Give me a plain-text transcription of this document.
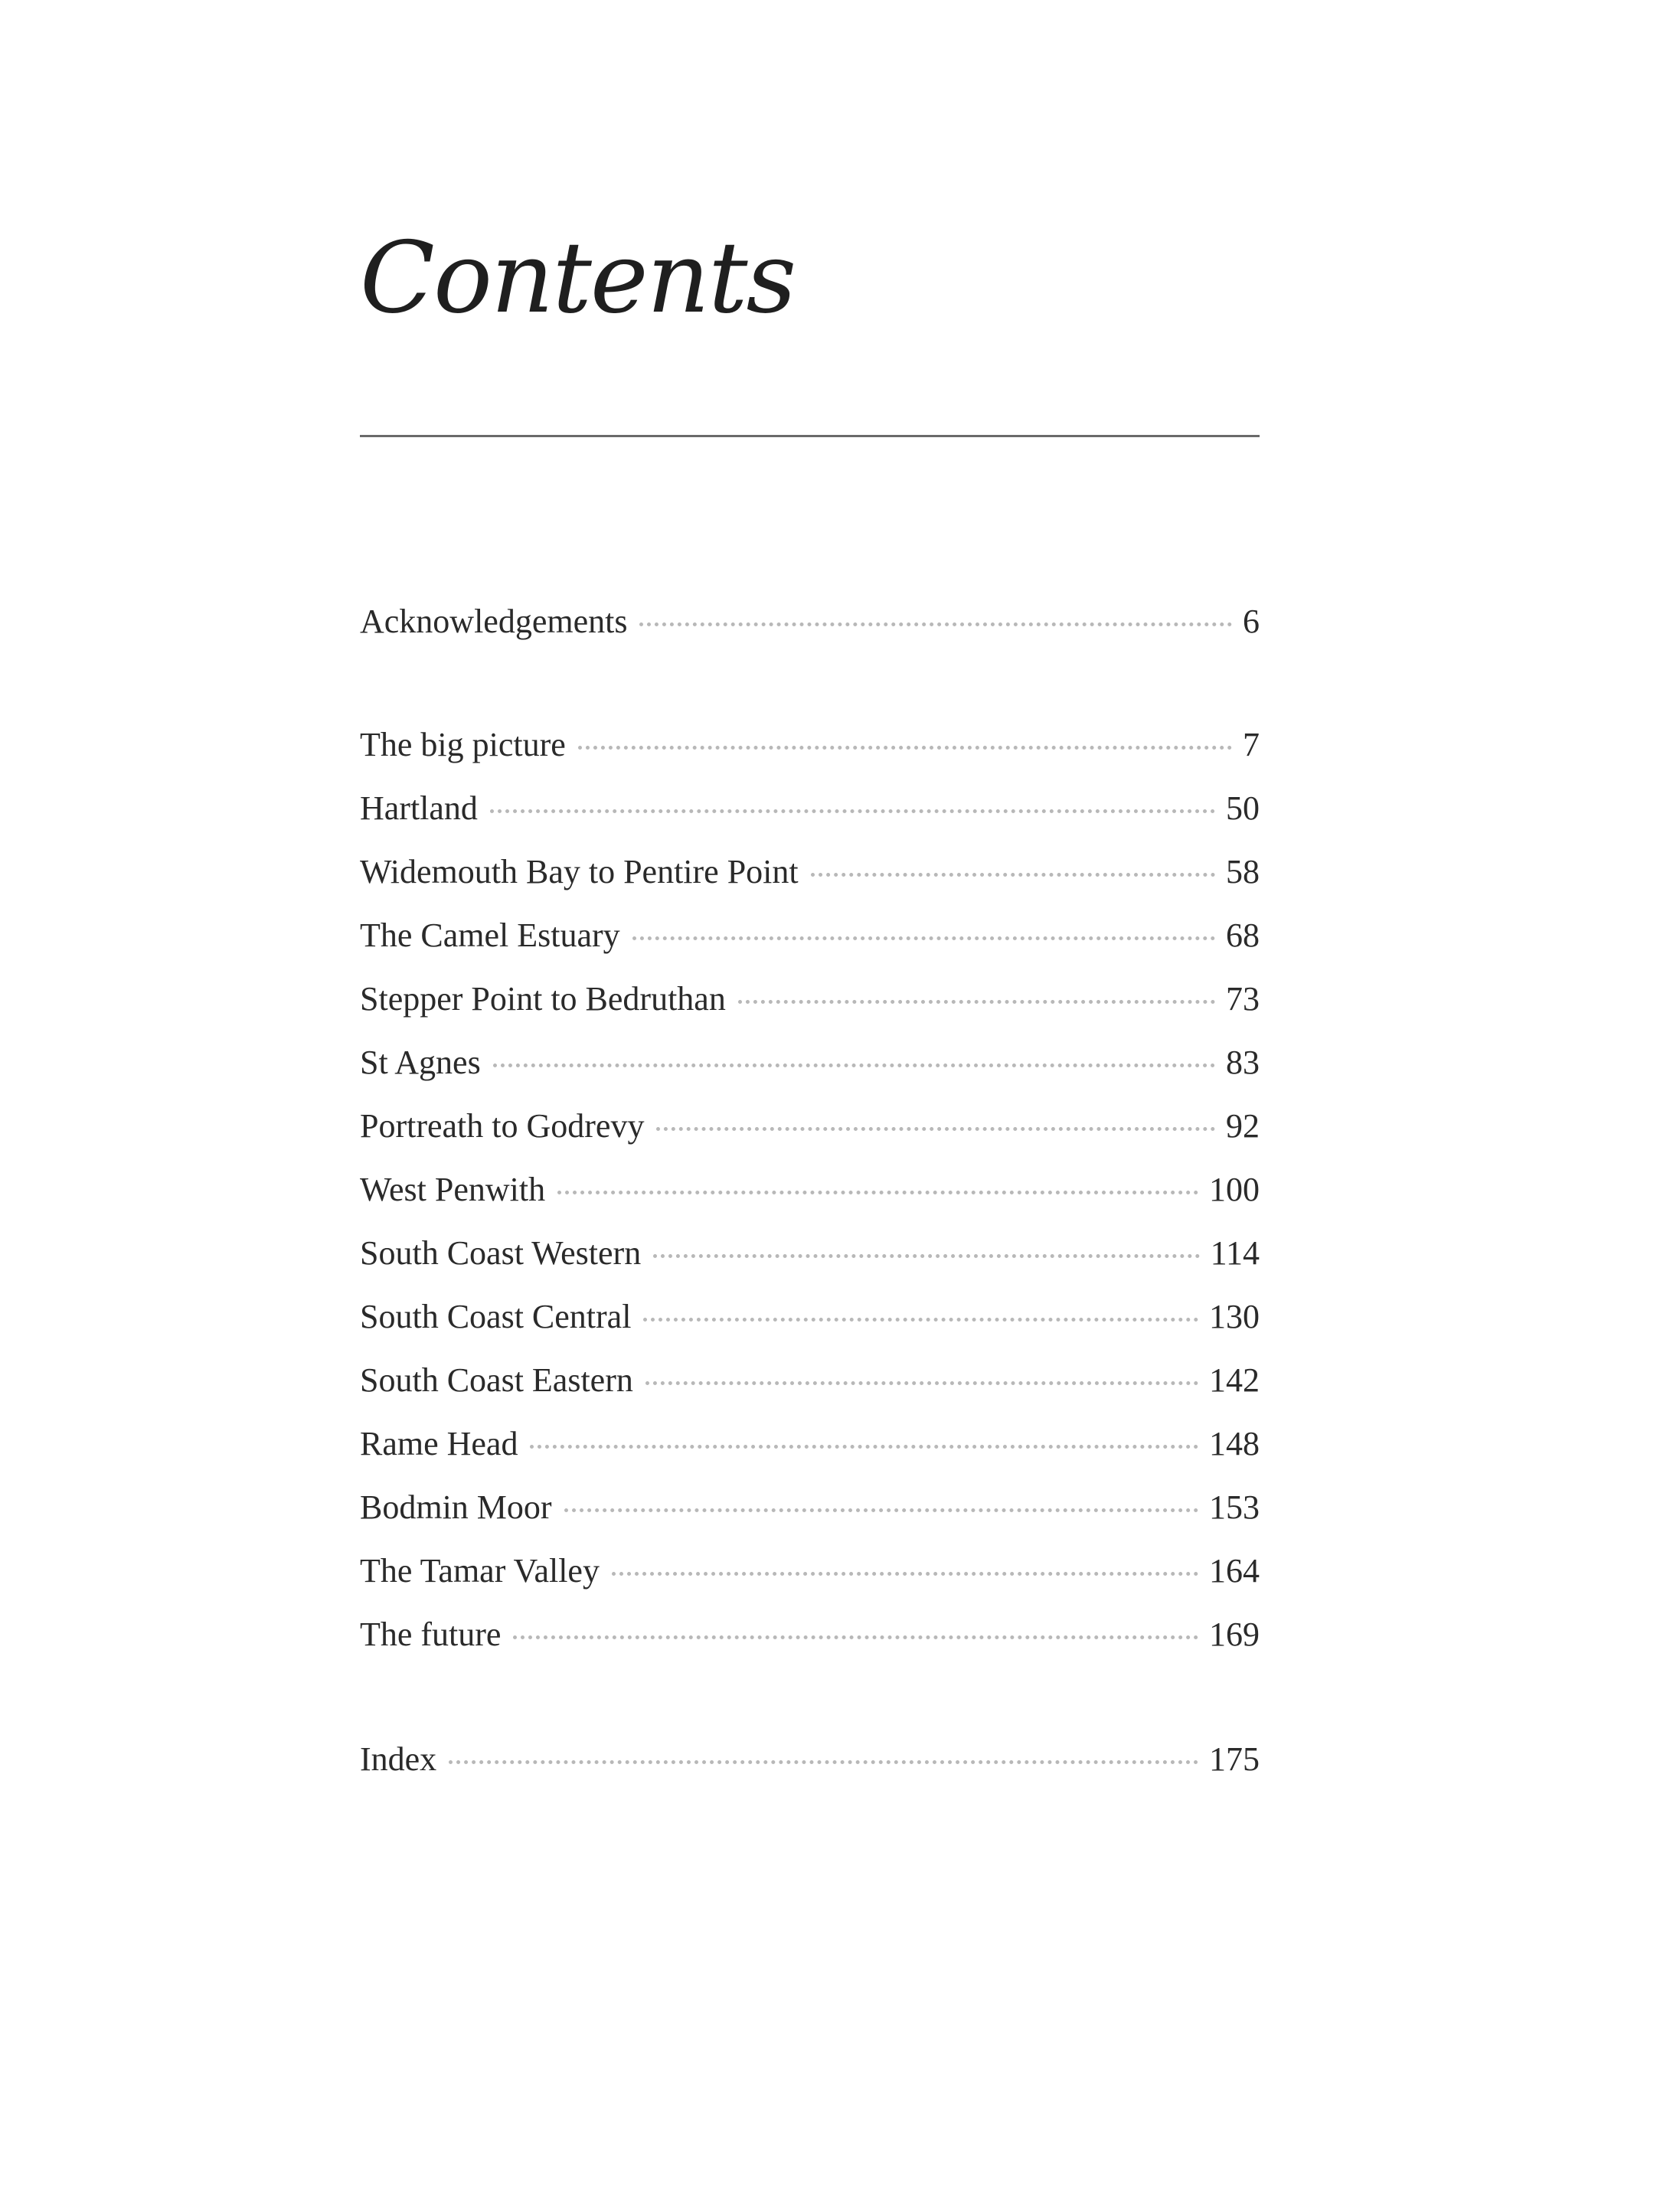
Contents
Acknowledgements	6
The big picture	7
Hartland	50
Widemouth Bay to Pentire Point	58
The Camel Estuary	68
Stepper Point to Bedruthan	73
St Agnes	83
Portreath to Godrevy	92
West Penwith	100
South Coast Western	114
South Coast Central	130
South Coast Eastern	142
Rame Head	148
Bodmin Moor	153
The Tamar Valley	164
The future	169
Index	175
